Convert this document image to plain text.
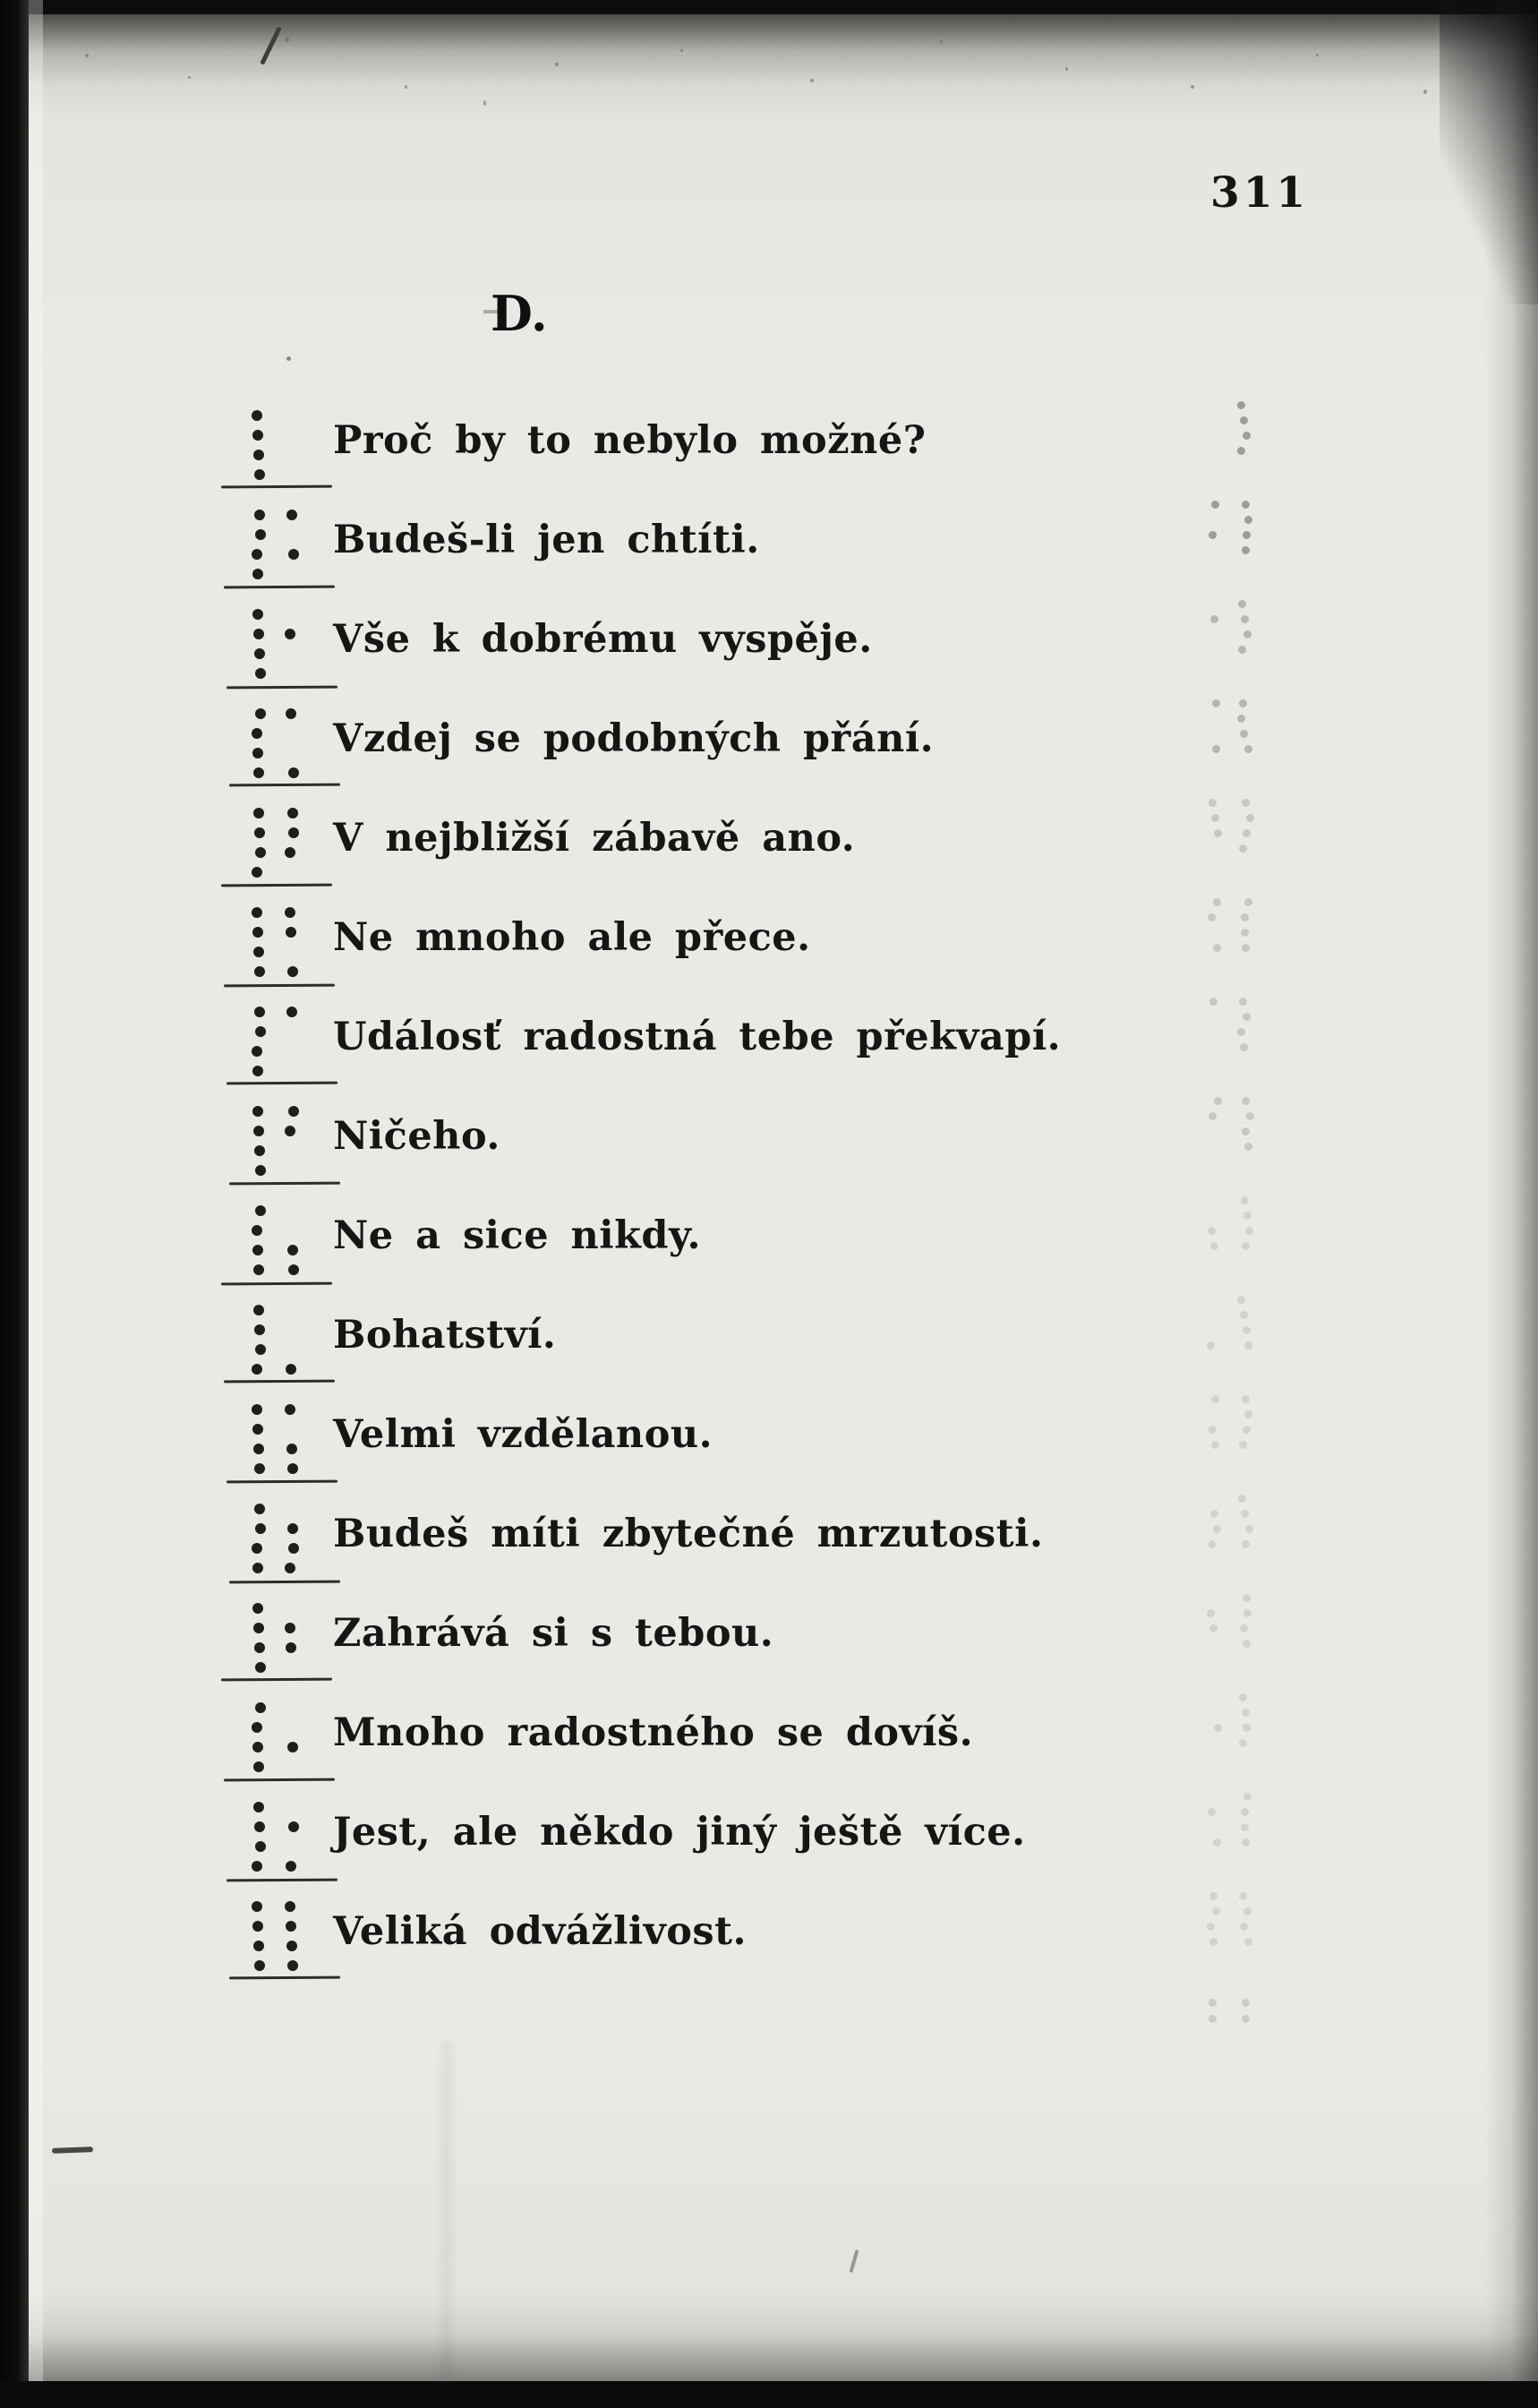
311
D.
Proč by to nebylo možné?
Budeš-li jen chtíti.
Vše k dobrému vyspěje.
Vzdej se podobných přání.
V nejbližší zábavě ano.
Ne mnoho ale přece.
Událosť radostná tebe překvapí.
Ničeho.
Ne a sice nikdy.
Bohatství.
Velmi vzdělanou.
Budeš míti zbytečné mrzutosti.
Zahrává si s tebou.
Mnoho radostného se dovíš.
Jest, ale někdo jiný ještě více.
Veliká odvážlivost.
